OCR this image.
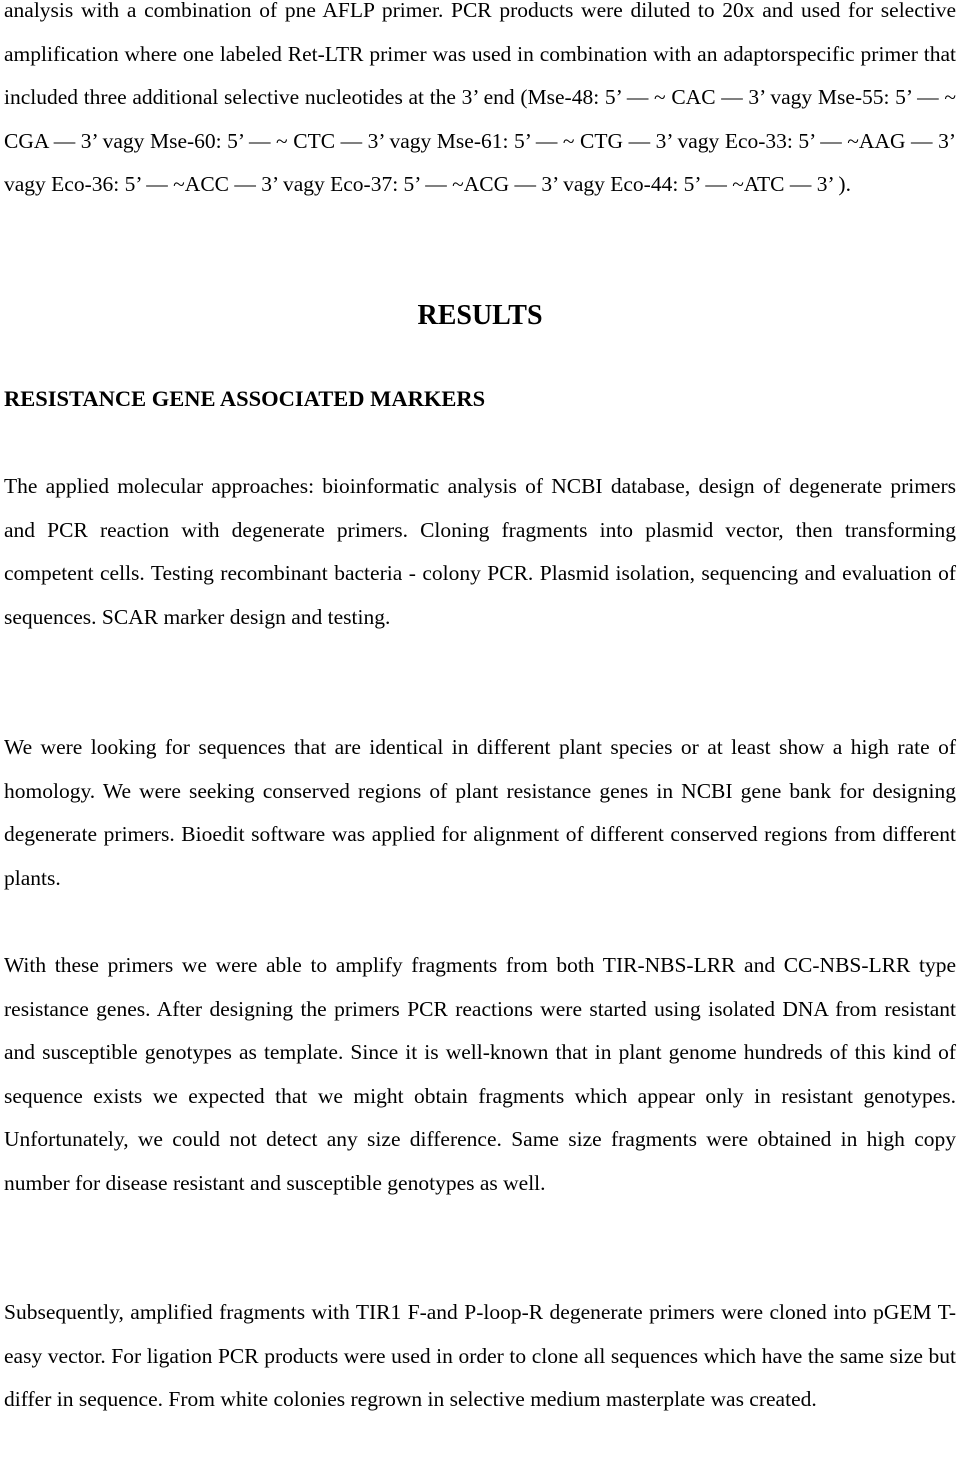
analysis with a combination of pne AFLP primer. PCR products were diluted to 20x and used for selective amplification where one labeled Ret-LTR primer was used in combination with an adaptorspecific primer that included three additional selective nucleotides at the 3’ end (Mse-48: 5’ — ~ CAC — 3’ vagy Mse-55: 5’ — ~ CGA — 3’ vagy Mse-60: 5’ — ~ CTC — 3’ vagy Mse-61: 5’ — ~ CTG — 3’ vagy Eco-33: 5’ — ~AAG — 3’ vagy Eco-36: 5’ — ~ACC — 3’ vagy Eco-37: 5’ — ~ACG — 3’ vagy Eco-44: 5’ — ~ATC — 3’ ).

RESULTS
RESISTANCE GENE ASSOCIATED MARKERS

The applied molecular approaches: bioinformatic analysis of NCBI database, design of degenerate primers and PCR reaction with degenerate primers. Cloning fragments into plasmid vector, then transforming competent cells. Testing recombinant bacteria - colony PCR. Plasmid isolation, sequencing and evaluation of sequences. SCAR marker design and testing.

We were looking for sequences that are identical in different plant species or at least show a high rate of homology. We were seeking conserved regions of plant resistance genes in NCBI gene bank for designing degenerate primers. Bioedit software was applied for alignment of different conserved regions from different plants.

With these primers we were able to amplify fragments from both TIR-NBS-LRR and CC-NBS-LRR type resistance genes. After designing the primers PCR reactions were started using isolated DNA from resistant and susceptible genotypes as template. Since it is well-known that in plant genome hundreds of this kind of sequence exists we expected that we might obtain fragments which appear only in resistant genotypes. Unfortunately, we could not detect any size difference. Same size fragments were obtained in high copy number for disease resistant and susceptible genotypes as well.

Subsequently, amplified fragments with TIR1 F-and P-loop-R degenerate primers were cloned into pGEM T-easy vector. For ligation PCR products were used in order to clone all sequences which have the same size but differ in sequence. From white colonies regrown in selective medium masterplate was created.
